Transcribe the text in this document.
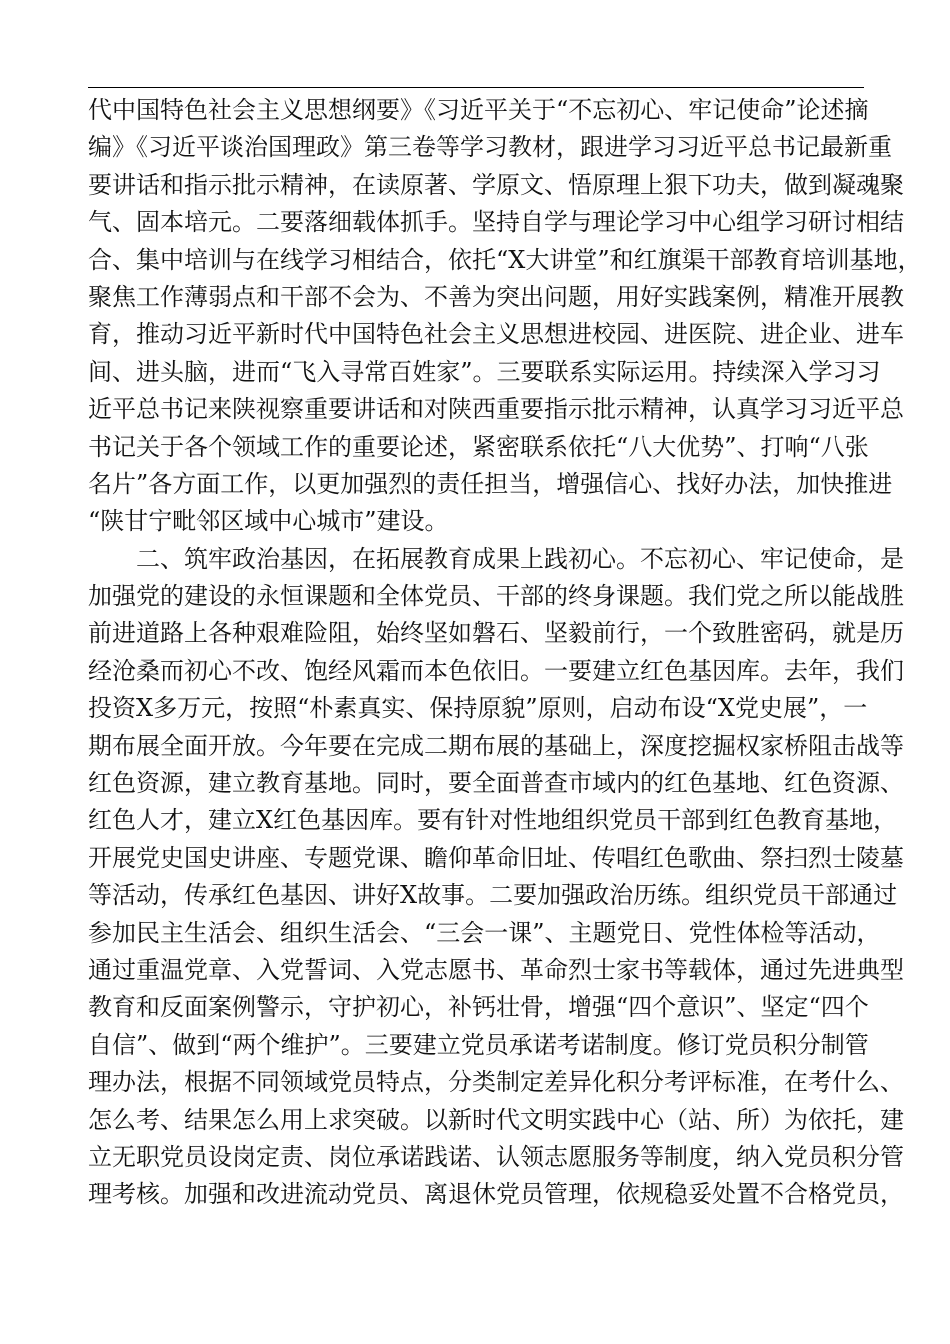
代中国特色社会主义思想纲要》《习近平关于“不忘初心、牢记使命”论述摘
编》《习近平谈治国理政》第三卷等学习教材，跟进学习习近平总书记最新重
要讲话和指示批示精神，在读原著、学原文、悟原理上狠下功夫，做到凝魂聚
气、固本培元。二要落细载体抓手。坚持自学与理论学习中心组学习研讨相结
合、集中培训与在线学习相结合，依托“X大讲堂”和红旗渠干部教育培训基地，
聚焦工作薄弱点和干部不会为、不善为突出问题，用好实践案例，精准开展教
育，推动习近平新时代中国特色社会主义思想进校园、进医院、进企业、进车
间、进头脑，进而“飞入寻常百姓家”。三要联系实际运用。持续深入学习习
近平总书记来陕视察重要讲话和对陕西重要指示批示精神，认真学习习近平总
书记关于各个领域工作的重要论述，紧密联系依托“八大优势”、打响“八张
名片”各方面工作，以更加强烈的责任担当，增强信心、找好办法，加快推进
“陕甘宁毗邻区域中心城市”建设。
二、筑牢政治基因，在拓展教育成果上践初心。不忘初心、牢记使命，是
加强党的建设的永恒课题和全体党员、干部的终身课题。我们党之所以能战胜
前进道路上各种艰难险阻，始终坚如磐石、坚毅前行，一个致胜密码，就是历
经沧桑而初心不改、饱经风霜而本色依旧。一要建立红色基因库。去年，我们
投资X多万元，按照“朴素真实、保持原貌”原则，启动布设“X党史展”，一
期布展全面开放。今年要在完成二期布展的基础上，深度挖掘权家桥阻击战等
红色资源，建立教育基地。同时，要全面普查市域内的红色基地、红色资源、
红色人才，建立X红色基因库。要有针对性地组织党员干部到红色教育基地，
开展党史国史讲座、专题党课、瞻仰革命旧址、传唱红色歌曲、祭扫烈士陵墓
等活动，传承红色基因、讲好X故事。二要加强政治历练。组织党员干部通过
参加民主生活会、组织生活会、“三会一课”、主题党日、党性体检等活动，
通过重温党章、入党誓词、入党志愿书、革命烈士家书等载体，通过先进典型
教育和反面案例警示，守护初心，补钙壮骨，增强“四个意识”、坚定“四个
自信”、做到“两个维护”。三要建立党员承诺考诺制度。修订党员积分制管
理办法，根据不同领域党员特点，分类制定差异化积分考评标准，在考什么、
怎么考、结果怎么用上求突破。以新时代文明实践中心（站、所）为依托，建
立无职党员设岗定责、岗位承诺践诺、认领志愿服务等制度，纳入党员积分管
理考核。加强和改进流动党员、离退休党员管理，依规稳妥处置不合格党员，
